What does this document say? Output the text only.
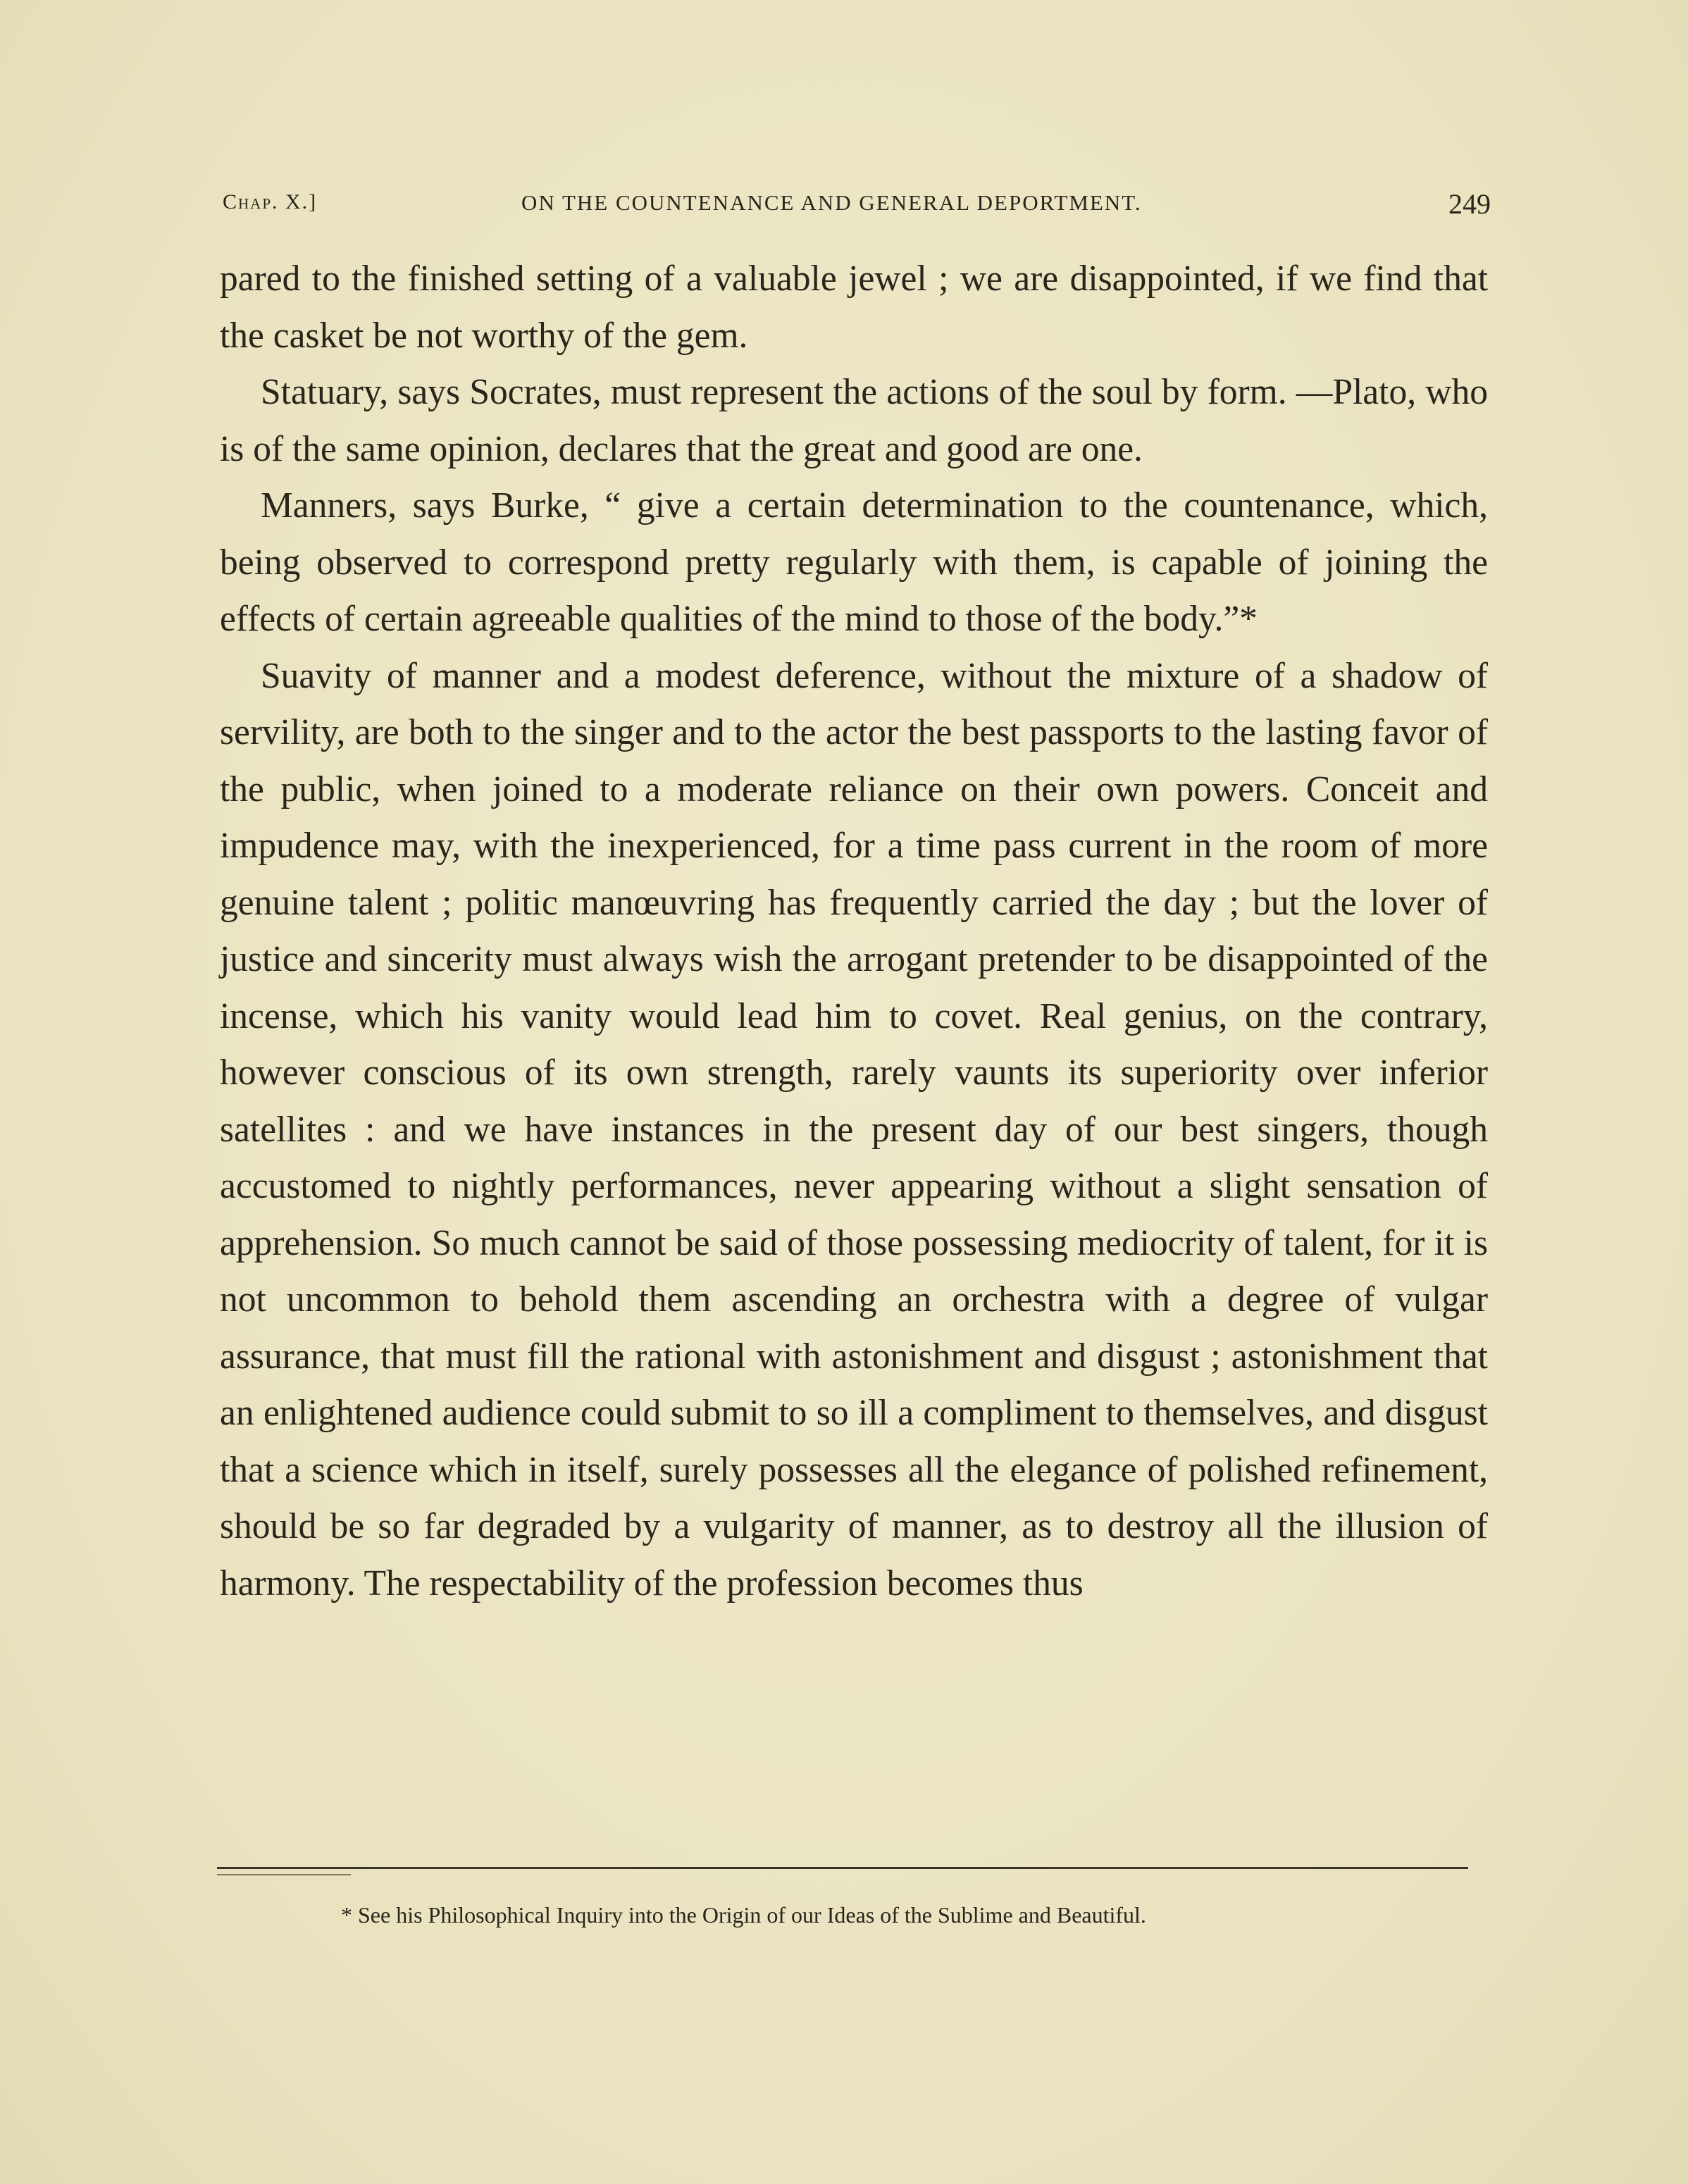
Chap. X.]	ON THE COUNTENANCE AND GENERAL DEPORTMENT.	249

pared to the finished setting of a valuable jewel ; we are disappointed, if we find that the casket be not worthy of the gem.

Statuary, says Socrates, must represent the actions of the soul by form. —Plato, who is of the same opinion, declares that the great and good are one.

Manners, says Burke, “ give a certain determination to the countenance, which, being observed to correspond pretty regularly with them, is capable of joining the effects of certain agreeable qualities of the mind to those of the body.”*

Suavity of manner and a modest deference, without the mixture of a shadow of servility, are both to the singer and to the actor the best passports to the lasting favor of the public, when joined to a moderate reliance on their own powers. Conceit and impudence may, with the inexperienced, for a time pass current in the room of more genuine talent ; politic manœuvring has frequently carried the day ; but the lover of justice and sincerity must always wish the arrogant pretender to be disappointed of the incense, which his vanity would lead him to covet. Real genius, on the contrary, however conscious of its own strength, rarely vaunts its superiority over inferior satellites : and we have instances in the present day of our best singers, though accustomed to nightly performances, never appearing without a slight sensation of apprehension. So much cannot be said of those possessing mediocrity of talent, for it is not uncommon to behold them ascending an orchestra with a degree of vulgar assurance, that must fill the rational with astonishment and disgust ; astonishment that an enlightened audience could submit to so ill a compliment to themselves, and disgust that a science which in itself, surely possesses all the elegance of polished refinement, should be so far degraded by a vulgarity of manner, as to destroy all the illusion of harmony. The respectability of the profession becomes thus

* See his Philosophical Inquiry into the Origin of our Ideas of the Sublime and Beautiful.
